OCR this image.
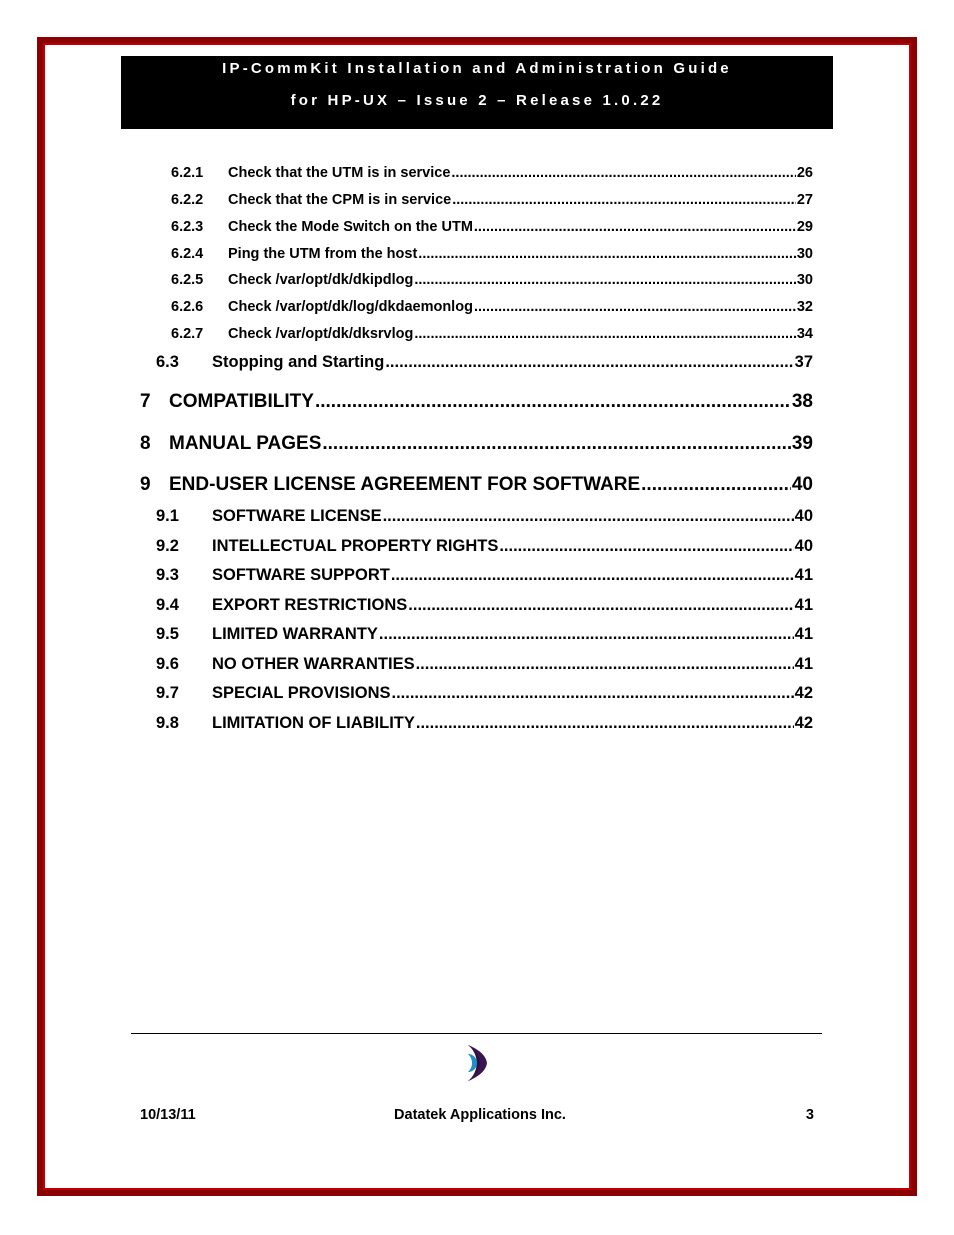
IP-CommKit Installation and Administration Guide
for HP-UX – Issue 2 – Release 1.0.22
6.2.1	Check that the UTM is in service .....	26
6.2.2	Check that the CPM is in service .....	27
6.2.3	Check the Mode Switch on the UTM .....	29
6.2.4	Ping the UTM from the host .....	30
6.2.5	Check /var/opt/dk/dkipdlog .....	30
6.2.6	Check /var/opt/dk/log/dkdaemonlog .....	32
6.2.7	Check /var/opt/dk/dksrvlog .....	34
6.3	Stopping and Starting .....	37
7 COMPATIBILITY .....	38
8 MANUAL PAGES .....	39
9 END-USER LICENSE AGREEMENT FOR SOFTWARE .....	40
9.1	SOFTWARE LICENSE .....	40
9.2	INTELLECTUAL PROPERTY RIGHTS .....	40
9.3	SOFTWARE SUPPORT .....	41
9.4	EXPORT RESTRICTIONS .....	41
9.5	LIMITED WARRANTY .....	41
9.6	NO OTHER WARRANTIES .....	41
9.7	SPECIAL PROVISIONS .....	42
9.8	LIMITATION OF LIABILITY .....	42
10/13/11	Datatek Applications Inc.	3
